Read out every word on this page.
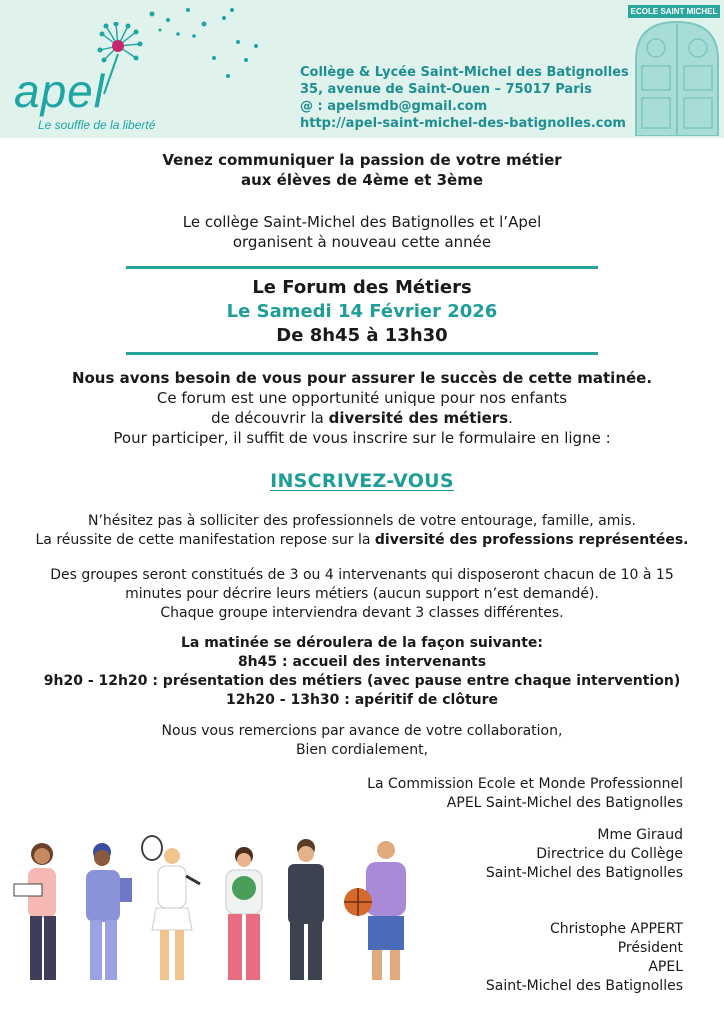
apel
Le souffle de la liberté
Collège & Lycée Saint-Michel des Batignolles
35, avenue de Saint-Ouen – 75017 Paris
@ : apelsmdb@gmail.com
http://apel-saint-michel-des-batignolles.com
ECOLE SAINT MICHEL
Venez communiquer la passion de votre métier
aux élèves de 4ème et 3ème
Le collège Saint-Michel des Batignolles et l’Apel
organisent à nouveau cette année
Le Forum des Métiers
Le Samedi 14 Février 2026
De 8h45 à 13h30
Nous avons besoin de vous pour assurer le succès de cette matinée.
Ce forum est une opportunité unique pour nos enfants
de découvrir la diversité des métiers.
Pour participer, il suffit de vous inscrire sur le formulaire en ligne :
INSCRIVEZ-VOUS
N’hésitez pas à solliciter des professionnels de votre entourage, famille, amis.
La réussite de cette manifestation repose sur la diversité des professions représentées.
Des groupes seront constitués de 3 ou 4 intervenants qui disposeront chacun de 10 à 15
minutes pour décrire leurs métiers (aucun support n’est demandé).
Chaque groupe interviendra devant 3 classes différentes.
La matinée se déroulera de la façon suivante:
8h45 : accueil des intervenants
9h20 - 12h20 : présentation des métiers (avec pause entre chaque intervention)
12h20 - 13h30 : apéritif de clôture
Nous vous remercions par avance de votre collaboration,
Bien cordialement,
La Commission Ecole et Monde Professionnel
APEL Saint-Michel des Batignolles
Mme Giraud
Directrice du Collège
Saint-Michel des Batignolles
Christophe APPERT
Président
APEL
Saint-Michel des Batignolles
